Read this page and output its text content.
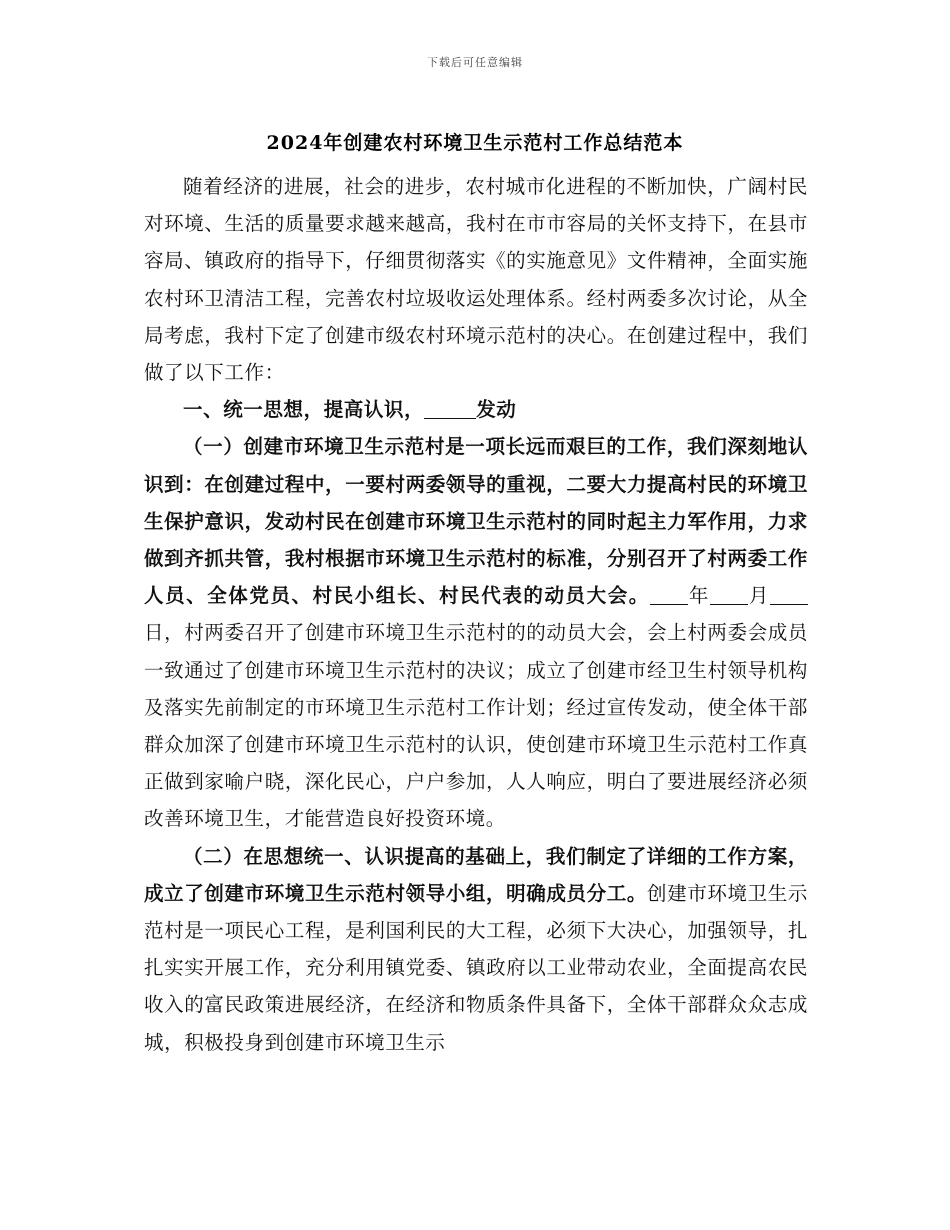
下载后可任意编辑
2024年创建农村环境卫生示范村工作总结范本

随着经济的进展，社会的进步，农村城市化进程的不断加快，广阔村民对环境、生活的质量要求越来越高，我村在市市容局的关怀支持下，在县市容局、镇政府的指导下，仔细贯彻落实《的实施意见》文件精神，全面实施农村环卫清洁工程，完善农村垃圾收运处理体系。经村两委多次讨论，从全局考虑，我村下定了创建市级农村环境示范村的决心。在创建过程中，我们做了以下工作：

一、统一思想，提高认识，	发动

（一）创建市环境卫生示范村是一项长远而艰巨的工作，我们深刻地认识到：在创建过程中，一要村两委领导的重视，二要大力提高村民的环境卫生保护意识，发动村民在创建市环境卫生示范村的同时起主力军作用，力求做到齐抓共管，我村根据市环境卫生示范村的标准，分别召开了村两委工作人员、全体党员、村民小组长、村民代表的动员大会。 年 月日，村两委召开了创建市环境卫生示范村的的动员大会，会上村两委会成员一致通过了创建市环境卫生示范村的决议；成立了创建市经卫生村领导机构及落实先前制定的市环境卫生示范村工作计划；经过宣传发动，使全体干部群众加深了创建市环境卫生示范村的认识，使创建市环境卫生示范村工作真正做到家喻户晓，深化民心，户户参加，人人响应，明白了要进展经济必须改善环境卫生，才能营造良好投资环境。

（二）在思想统一、认识提高的基础上，我们制定了详细的工作方案，成立了创建市环境卫生示范村领导小组，明确成员分工。创建市环境卫生示范村是一项民心工程，是利国利民的大工程，必须下大决心，加强领导，扎扎实实开展工作，充分利用镇党委、镇政府以工业带动农业，全面提高农民收入的富民政策进展经济，在经济和物质条件具备下，全体干部群众众志成城，积极投身到创建市环境卫生示
